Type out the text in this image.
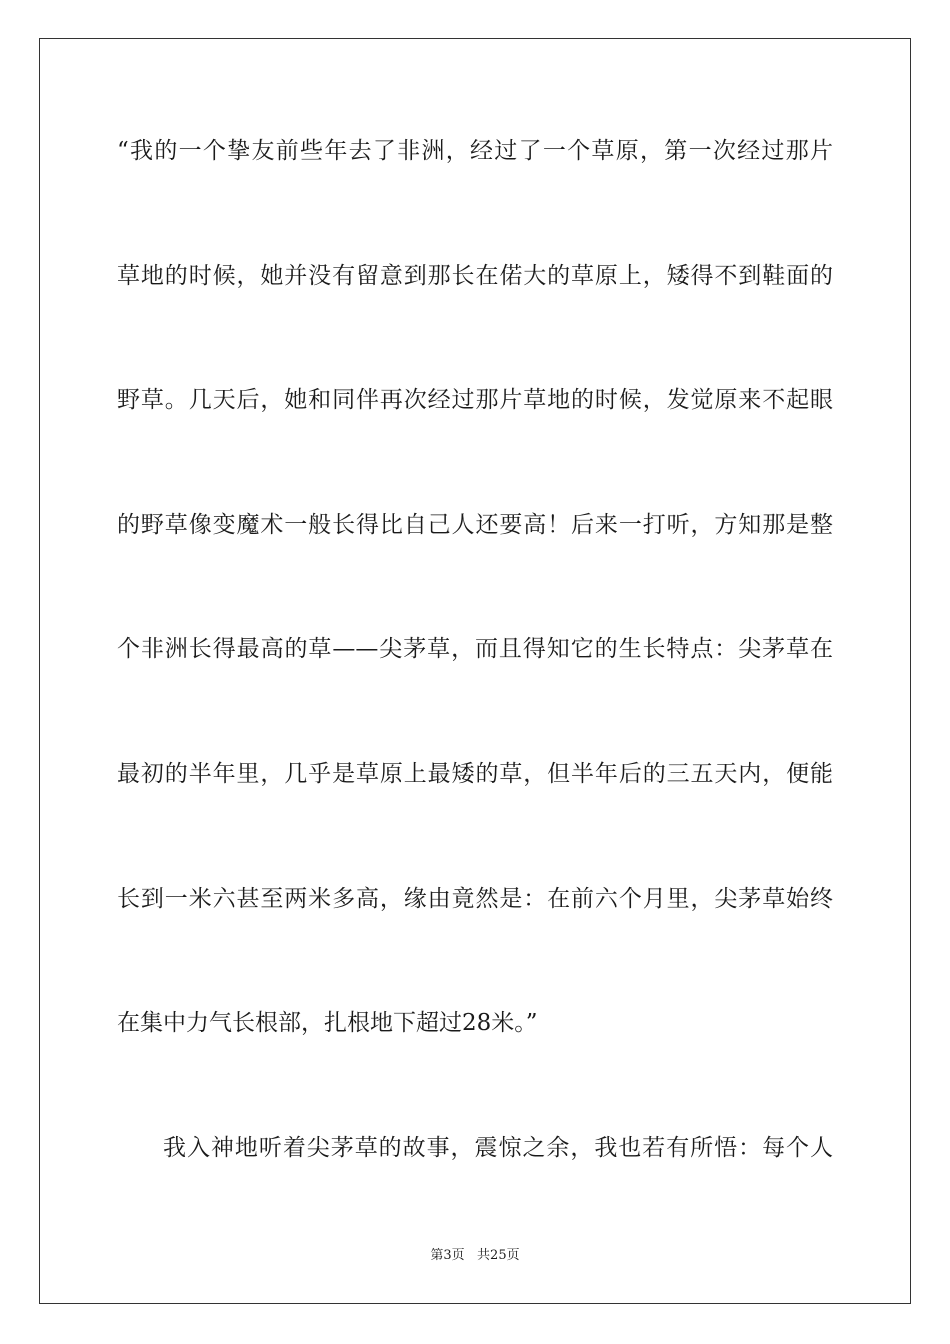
“我的一个挚友前些年去了非洲，经过了一个草原，第一次经过那片
草地的时候，她并没有留意到那长在偌大的草原上，矮得不到鞋面的
野草。几天后，她和同伴再次经过那片草地的时候，发觉原来不起眼
的野草像变魔术一般长得比自己人还要高！后来一打听，方知那是整
个非洲长得最高的草——尖茅草，而且得知它的生长特点：尖茅草在
最初的半年里，几乎是草原上最矮的草，但半年后的三五天内，便能
长到一米六甚至两米多高，缘由竟然是：在前六个月里，尖茅草始终
在集中力气长根部，扎根地下超过28米。”
我入神地听着尖茅草的故事，震惊之余，我也若有所悟：每个人
第3页   共25页
